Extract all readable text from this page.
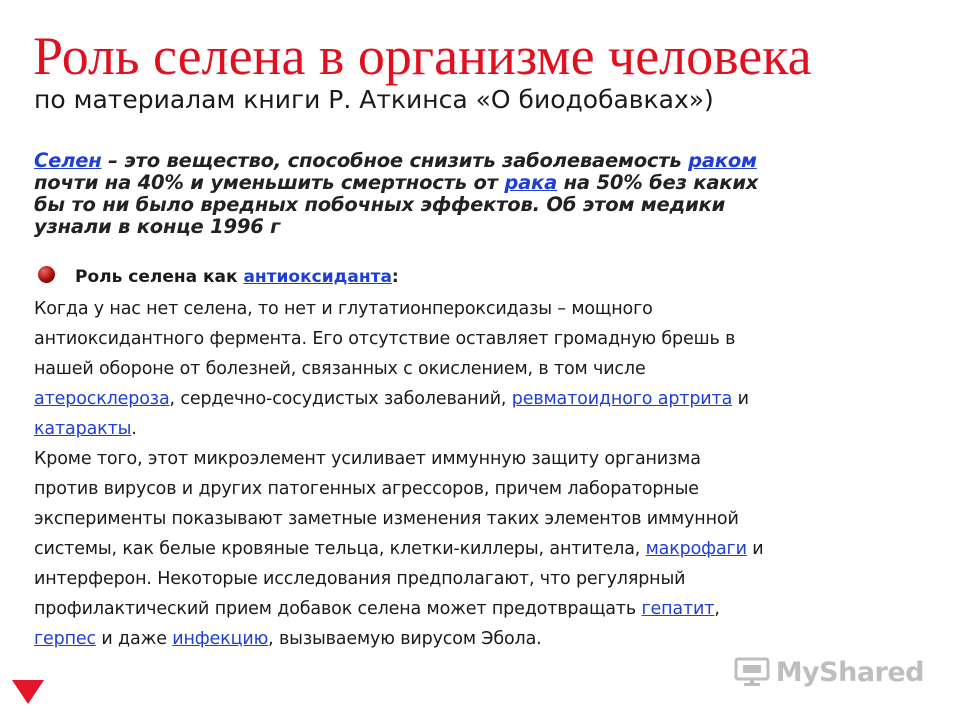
Роль селена в организме человека
по материалам книги Р. Аткинса «О биодобавках»)
Селен – это вещество, способное снизить заболеваемость раком
почти на 40% и уменьшить смертность от рака на 50% без каких
бы то ни было вредных побочных эффектов. Об этом медики
узнали в конце 1996 г
Роль селена как антиоксиданта:
Когда у нас нет селена, то нет и глутатионпероксидазы – мощного
антиоксидантного фермента. Его отсутствие оставляет громадную брешь в
нашей обороне от болезней, связанных с окислением, в том числе
атеросклероза, сердечно-сосудистых заболеваний, ревматоидного артрита и
катаракты.
Кроме того, этот микроэлемент усиливает иммунную защиту организма
против вирусов и других патогенных агрессоров, причем лабораторные
эксперименты показывают заметные изменения таких элементов иммунной
системы, как белые кровяные тельца, клетки-киллеры, антитела, макрофаги и
интерферон. Некоторые исследования предполагают, что регулярный
профилактический прием добавок селена может предотвращать гепатит,
герпес и даже инфекцию, вызываемую вирусом Эбола.
MyShared
